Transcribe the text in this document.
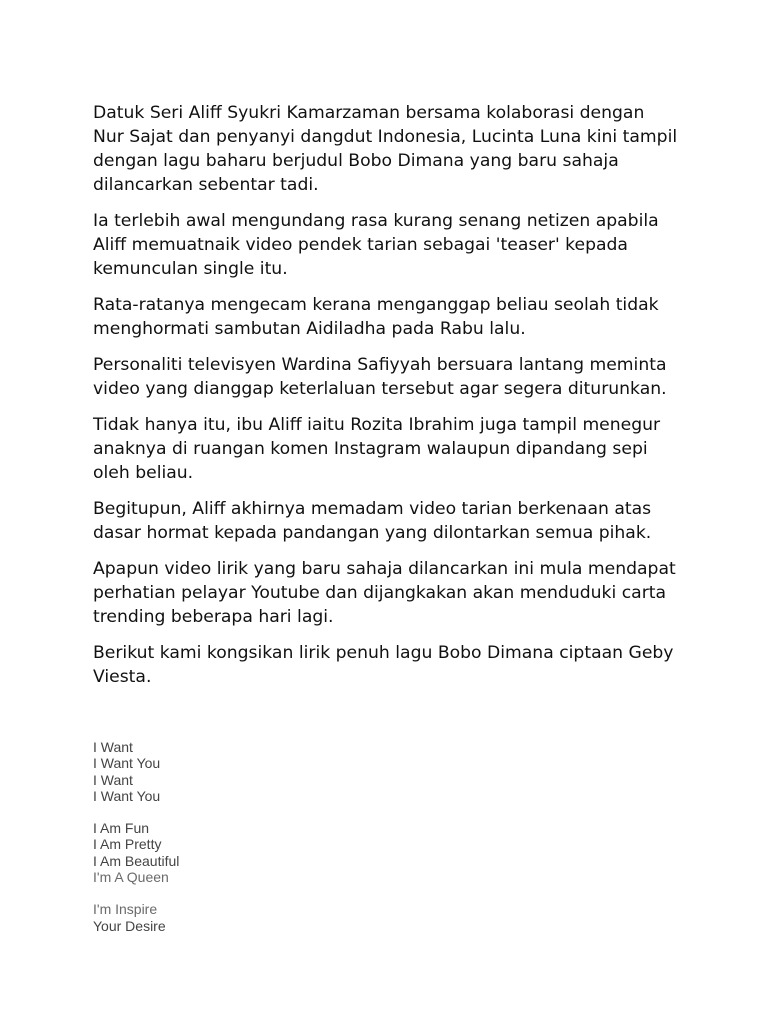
Datuk Seri Aliff Syukri Kamarzaman bersama kolaborasi dengan
Nur Sajat dan penyanyi dangdut Indonesia, Lucinta Luna kini tampil
dengan lagu baharu berjudul Bobo Dimana yang baru sahaja
dilancarkan sebentar tadi.

Ia terlebih awal mengundang rasa kurang senang netizen apabila
Aliff memuatnaik video pendek tarian sebagai 'teaser' kepada
kemunculan single itu.

Rata-ratanya mengecam kerana menganggap beliau seolah tidak
menghormati sambutan Aidiladha pada Rabu lalu.

Personaliti televisyen Wardina Safiyyah bersuara lantang meminta
video yang dianggap keterlaluan tersebut agar segera diturunkan.

Tidak hanya itu, ibu Aliff iaitu Rozita Ibrahim juga tampil menegur
anaknya di ruangan komen Instagram walaupun dipandang sepi
oleh beliau.

Begitupun, Aliff akhirnya memadam video tarian berkenaan atas
dasar hormat kepada pandangan yang dilontarkan semua pihak.

Apapun video lirik yang baru sahaja dilancarkan ini mula mendapat
perhatian pelayar Youtube dan dijangkakan akan menduduki carta
trending beberapa hari lagi.

Berikut kami kongsikan lirik penuh lagu Bobo Dimana ciptaan Geby
Viesta.

I Want
I Want You
I Want
I Want You
I Am Fun
I Am Pretty
I Am Beautiful
I'm A Queen
I'm Inspire
Your Desire
